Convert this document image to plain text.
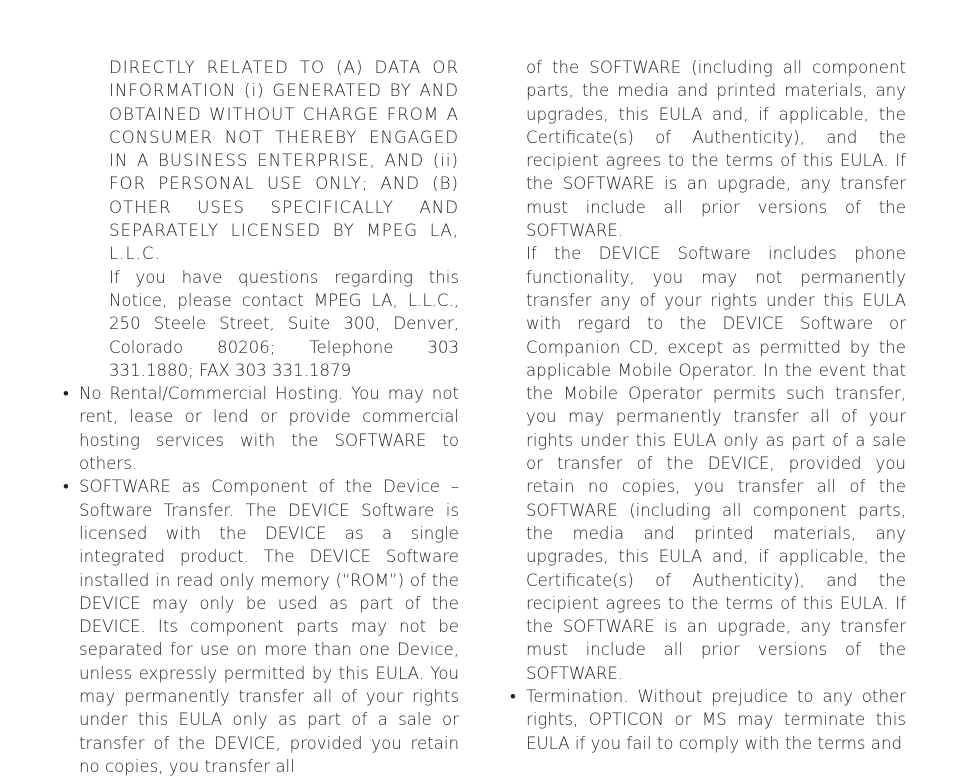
DIRECTLY RELATED TO (A) DATA OR INFORMATION (i) GENERATED BY AND OBTAINED WITHOUT CHARGE FROM A CONSUMER NOT THEREBY ENGAGED IN A BUSINESS ENTERPRISE, AND (ii) FOR PERSONAL USE ONLY; AND (B) OTHER USES SPECIFICALLY AND SEPARATELY LICENSED BY MPEG LA, L.L.C.

If you have questions regarding this Notice, please contact MPEG LA, L.L.C., 250 Steele Street, Suite 300, Denver, Colorado 80206; Telephone 303 331.1880; FAX 303 331.1879

• No Rental/Commercial Hosting. You may not rent, lease or lend or provide commercial hosting services with the SOFTWARE to others.

• SOFTWARE as Component of the Device – Software Transfer. The DEVICE Software is licensed with the DEVICE as a single integrated product. The DEVICE Software installed in read only memory (“ROM”) of the DEVICE may only be used as part of the DEVICE. Its component parts may not be separated for use on more than one Device, unless expressly permitted by this EULA. You may permanently transfer all of your rights under this EULA only as part of a sale or transfer of the DEVICE, provided you retain no copies, you transfer all

of the SOFTWARE (including all component parts, the media and printed materials, any upgrades, this EULA and, if applicable, the Certificate(s) of Authenticity), and the recipient agrees to the terms of this EULA. If the SOFTWARE is an upgrade, any transfer must include all prior versions of the SOFTWARE.

If the DEVICE Software includes phone functionality, you may not permanently transfer any of your rights under this EULA with regard to the DEVICE Software or Companion CD, except as permitted by the applicable Mobile Operator. In the event that the Mobile Operator permits such transfer, you may permanently transfer all of your rights under this EULA only as part of a sale or transfer of the DEVICE, provided you retain no copies, you transfer all of the SOFTWARE (including all component parts, the media and printed materials, any upgrades, this EULA and, if applicable, the Certificate(s) of Authenticity), and the recipient agrees to the terms of this EULA. If the SOFTWARE is an upgrade, any transfer must include all prior versions of the SOFTWARE.

• Termination. Without prejudice to any other rights, OPTICON or MS may terminate this EULA if you fail to comply with the terms and
